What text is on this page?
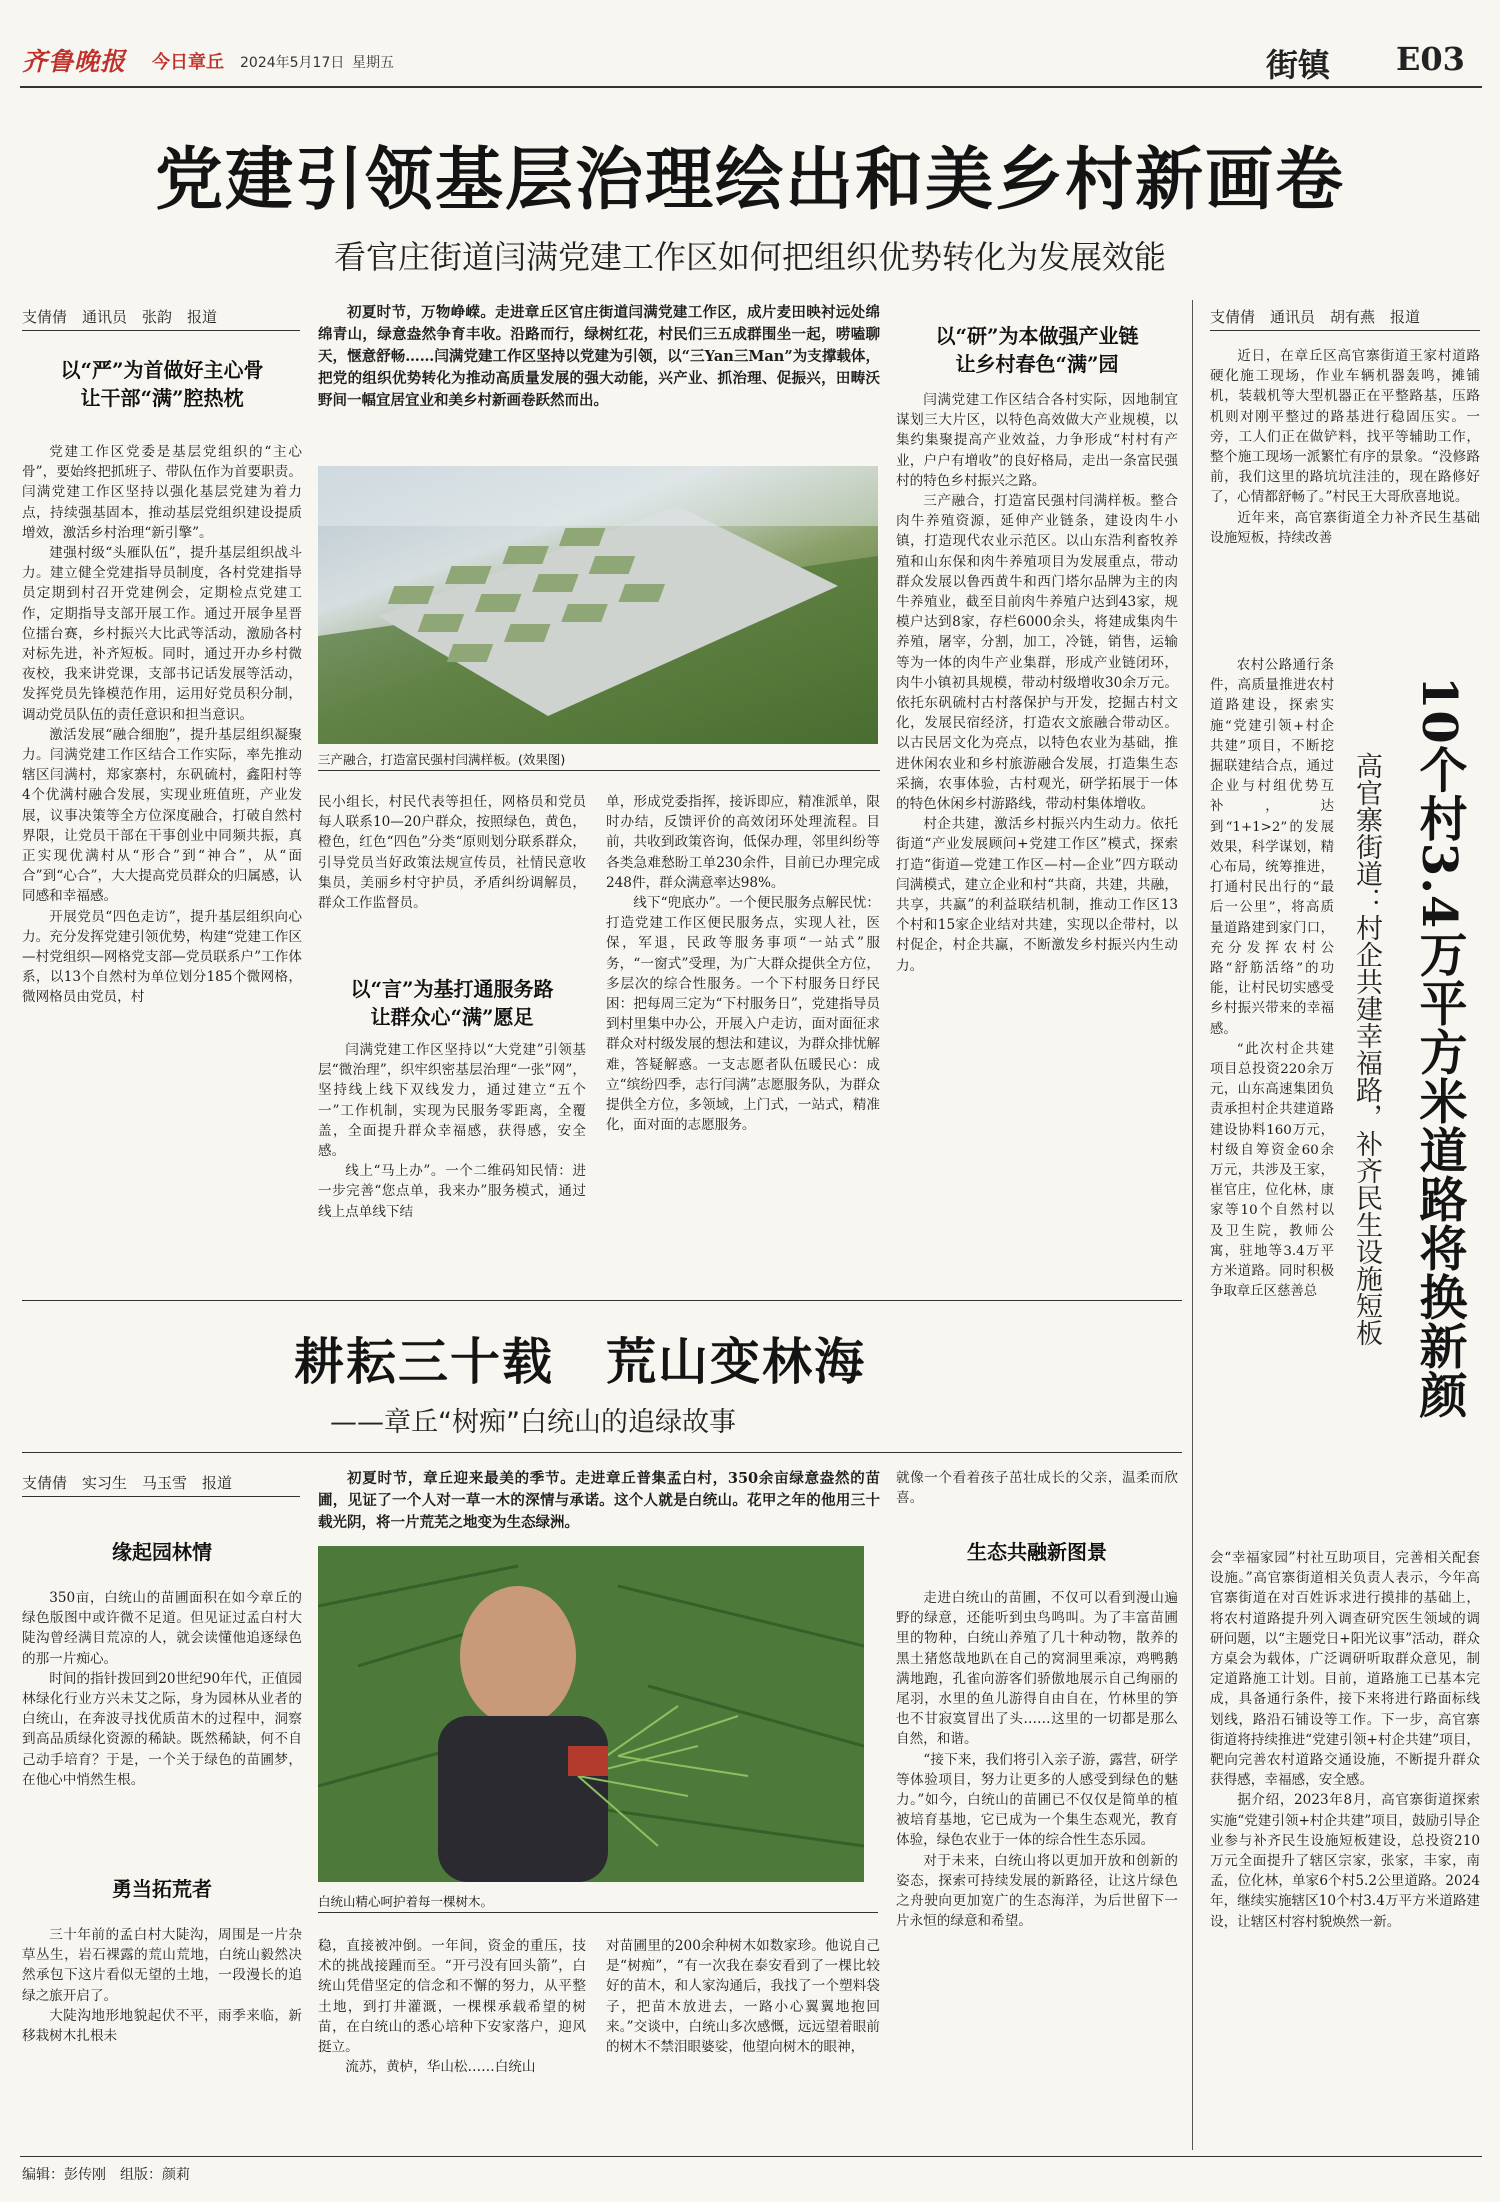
齐鲁晚报 今日章丘 2024年5月17日 星期五	街镇 E03
党建引领基层治理绘出和美乡村新画卷
看官庄街道闫满党建工作区如何把组织优势转化为发展效能
支倩倩　通讯员　张韵　报道
以“严”为首做好主心骨
让干部“满”腔热枕

党建工作区党委是基层党组织的“主心骨”，要始终把抓班子、带队伍作为首要职责。闫满党建工作区坚持以强化基层党建为着力点，持续强基固本，推动基层党组织建设提质增效，激活乡村治理“新引擎”。

建强村级“头雁队伍”，提升基层组织战斗力。建立健全党建指导员制度，各村党建指导员定期到村召开党建例会，定期检点党建工作，定期指导支部开展工作。通过开展争星晋位擂台赛，乡村振兴大比武等活动，激励各村对标先进，补齐短板。同时，通过开办乡村微夜校，我来讲党课，支部书记话发展等活动，发挥党员先锋模范作用，运用好党员积分制，调动党员队伍的责任意识和担当意识。

激活发展“融合细胞”，提升基层组织凝聚力。闫满党建工作区结合工作实际，率先推动辖区闫满村，郑家寨村，东矾硫村，鑫阳村等4个优满村融合发展，实现业班值班，产业发展，议事决策等全方位深度融合，打破自然村界限，让党员干部在干事创业中同频共振，真正实现优满村从“形合”到“神合”，从“面合”到“心合”，大大提高党员群众的归属感，认同感和幸福感。

开展党员“四色走访”，提升基层组织向心力。充分发挥党建引领优势，构建“党建工作区—村党组织—网格党支部—党员联系户”工作体系，以13个自然村为单位划分185个微网格，微网格员由党员，村

初夏时节，万物峥嵘。走进章丘区官庄街道闫满党建工作区，成片麦田映衬远处绵绵青山，绿意盎然争育丰收。沿路而行，绿树红花，村民们三五成群围坐一起，唠嗑聊天，惬意舒畅……闫满党建工作区坚持以党建为引领，以“三Yan三Man”为支撑载体，把党的组织优势转化为推动高质量发展的强大动能，兴产业、抓治理、促振兴，田畴沃野间一幅宜居宜业和美乡村新画卷跃然而出。

三产融合，打造富民强村闫满样板。(效果图)

民小组长，村民代表等担任，网格员和党员每人联系10—20户群众，按照绿色，黄色，橙色，红色“四色”分类“原则划分联系群众，引导党员当好政策法规宣传员，社情民意收集员，美丽乡村守护员，矛盾纠纷调解员，群众工作监督员。

以“言”为基打通服务路
让群众心“满”愿足

闫满党建工作区坚持以“大党建”引领基层“微治理”，织牢织密基层治理“一张”网”，坚持线上线下双线发力，通过建立“五个一”工作机制，实现为民服务零距离，全覆盖，全面提升群众幸福感，获得感，安全感。

线上“马上办”。一个二维码知民情：进一步完善“您点单，我来办”服务模式，通过线上点单线下结

单，形成党委指挥，接诉即应，精准派单，限时办结，反馈评价的高效闭环处理流程。目前，共收到政策咨询，低保办理，邻里纠纷等各类急难愁盼工单230余件，目前已办理完成248件，群众满意率达98%。

线下“兜底办”。一个便民服务点解民忧：打造党建工作区便民服务点，实现人社，医保，军退，民政等服务事项“一站式”服务，“一窗式”受理，为广大群众提供全方位，多层次的综合性服务。一个下村服务日纾民困：把每周三定为“下村服务日”，党建指导员到村里集中办公，开展入户走访，面对面征求群众对村级发展的想法和建议，为群众排忧解难，答疑解惑。一支志愿者队伍暖民心：成立“缤纷四季，志行闫满”志愿服务队，为群众提供全方位，多领域，上门式，一站式，精准化，面对面的志愿服务。

以“研”为本做强产业链
让乡村春色“满”园

闫满党建工作区结合各村实际，因地制宜谋划三大片区，以特色高效做大产业规模，以集约集聚提高产业效益，力争形成“村村有产业，户户有增收”的良好格局，走出一条富民强村的特色乡村振兴之路。

三产融合，打造富民强村闫满样板。整合肉牛养殖资源，延伸产业链条，建设肉牛小镇，打造现代农业示范区。以山东浩利畜牧养殖和山东保和肉牛养殖项目为发展重点，带动群众发展以鲁西黄牛和西门塔尔品牌为主的肉牛养殖业，截至目前肉牛养殖户达到43家，规模户达到8家，存栏6000余头，将建成集肉牛养殖，屠宰，分割，加工，冷链，销售，运输等为一体的肉牛产业集群，形成产业链闭环，肉牛小镇初具规模，带动村级增收30余万元。依托东矾硫村古村落保护与开发，挖掘古村文化，发展民宿经济，打造农文旅融合带动区。以古民居文化为亮点，以特色农业为基础，推进休闲农业和乡村旅游融合发展，打造集生态采摘，农事体验，古村观光，研学拓展于一体的特色休闲乡村游路线，带动村集体增收。

村企共建，激活乡村振兴内生动力。依托街道“产业发展顾问+党建工作区”模式，探索打造“街道—党建工作区—村—企业”四方联动闫满模式，建立企业和村“共商，共建，共融，共享，共赢”的利益联结机制，推动工作区13个村和15家企业结对共建，实现以企带村，以村促企，村企共赢，不断激发乡村振兴内生动力。

耕耘三十载　荒山变林海
——章丘“树痴”白统山的追绿故事
支倩倩　实习生　马玉雪　报道
缘起园林情

350亩，白统山的苗圃面积在如今章丘的绿色版图中或许微不足道。但见证过孟白村大陡沟曾经满目荒凉的人，就会读懂他追逐绿色的那一片痴心。

时间的指针拨回到20世纪90年代，正值园林绿化行业方兴未艾之际，身为园林从业者的白统山，在奔波寻找优质苗木的过程中，洞察到高品质绿化资源的稀缺。既然稀缺，何不自己动手培育？于是，一个关于绿色的苗圃梦，在他心中悄然生根。

勇当拓荒者

三十年前的孟白村大陡沟，周围是一片杂草丛生，岩石裸露的荒山荒地，白统山毅然决然承包下这片看似无望的土地，一段漫长的追绿之旅开启了。

大陡沟地形地貌起伏不平，雨季来临，新移栽树木扎根未

初夏时节，章丘迎来最美的季节。走进章丘普集孟白村，350余亩绿意盎然的苗圃，见证了一个人对一草一木的深情与承诺。这个人就是白统山。花甲之年的他用三十载光阴，将一片荒芜之地变为生态绿洲。

白统山精心呵护着每一棵树木。

稳，直接被冲倒。一年间，资金的重压，技术的挑战接踵而至。“开弓没有回头箭”，白统山凭借坚定的信念和不懈的努力，从平整土地，到打井灌溉，一棵棵承载希望的树苗，在白统山的悉心培种下安家落户，迎风挺立。

流苏，黄栌，华山松……白统山

对苗圃里的200余种树木如数家珍。他说自己是“树痴”，“有一次我在泰安看到了一棵比较好的苗木，和人家沟通后，我找了一个塑料袋子，把苗木放进去，一路小心翼翼地抱回来。”交谈中，白统山多次感慨，远远望着眼前的树木不禁泪眼婆娑，他望向树木的眼神，

就像一个看着孩子茁壮成长的父亲，温柔而欣喜。

生态共融新图景

走进白统山的苗圃，不仅可以看到漫山遍野的绿意，还能听到虫鸟鸣叫。为了丰富苗圃里的物种，白统山养殖了几十种动物，散养的黑土猪悠哉地趴在自己的窝洞里乘凉，鸡鸭鹅满地跑，孔雀向游客们骄傲地展示自己绚丽的尾羽，水里的鱼儿游得自由自在，竹林里的笋也不甘寂寞冒出了头……这里的一切都是那么自然，和谐。

“接下来，我们将引入亲子游，露营，研学等体验项目，努力让更多的人感受到绿色的魅力。”如今，白统山的苗圃已不仅仅是简单的植被培育基地，它已成为一个集生态观光，教育体验，绿色农业于一体的综合性生态乐园。

对于未来，白统山将以更加开放和创新的姿态，探索可持续发展的新路径，让这片绿色之舟驶向更加宽广的生态海洋，为后世留下一片永恒的绿意和希望。

支倩倩　通讯员　胡有燕　报道

近日，在章丘区高官寨街道王家村道路硬化施工现场，作业车辆机器轰鸣，摊铺机，装载机等大型机器正在平整路基，压路机则对刚平整过的路基进行稳固压实。一旁，工人们正在做铲料，找平等辅助工作，整个施工现场一派繁忙有序的景象。“没修路前，我们这里的路坑坑洼洼的，现在路修好了，心情都舒畅了。”村民王大哥欣喜地说。

近年来，高官寨街道全力补齐民生基础设施短板，持续改善

农村公路通行条件，高质量推进农村道路建设，探索实施“党建引领+村企共建”项目，不断挖掘联建结合点，通过企业与村组优势互补，达到“1+1>2”的发展效果，科学谋划，精心布局，统筹推进，打通村民出行的“最后一公里”，将高质量道路建到家门口，充分发挥农村公路“舒筋活络”的功能，让村民切实感受乡村振兴带来的幸福感。

“此次村企共建项目总投资220余万元，山东高速集团负责承担村企共建道路建设协料160万元，村级自筹资金60余万元，共涉及王家，崔官庄，位化林，康家等10个自然村以及卫生院，教师公寓，驻地等3.4万平方米道路。同时积极争取章丘区慈善总	10个村3.4万平方米道路将换新颜
高官寨街道：村企共建幸福路，补齐民生设施短板

会“幸福家园”村社互助项目，完善相关配套设施。”高官寨街道相关负责人表示，今年高官寨街道在对百姓诉求进行摸排的基础上，将农村道路提升列入调查研究医生领域的调研问题，以“主题党日+阳光议事”活动，群众方桌会为载体，广泛调研听取群众意见，制定道路施工计划。目前，道路施工已基本完成，具备通行条件，接下来将进行路面标线划线，路沿石铺设等工作。下一步，高官寨街道将持续推进“党建引领+村企共建”项目，靶向完善农村道路交通设施，不断提升群众获得感，幸福感，安全感。

据介绍，2023年8月，高官寨街道探索实施“党建引领+村企共建”项目，鼓励引导企业参与补齐民生设施短板建设，总投资210万元全面提升了辖区宗家，张家，丰家，南孟，位化林，单家6个村5.2公里道路。2024年，继续实施辖区10个村3.4万平方米道路建设，让辖区村容村貌焕然一新。

编辑：彭传刚　组版：颜莉
